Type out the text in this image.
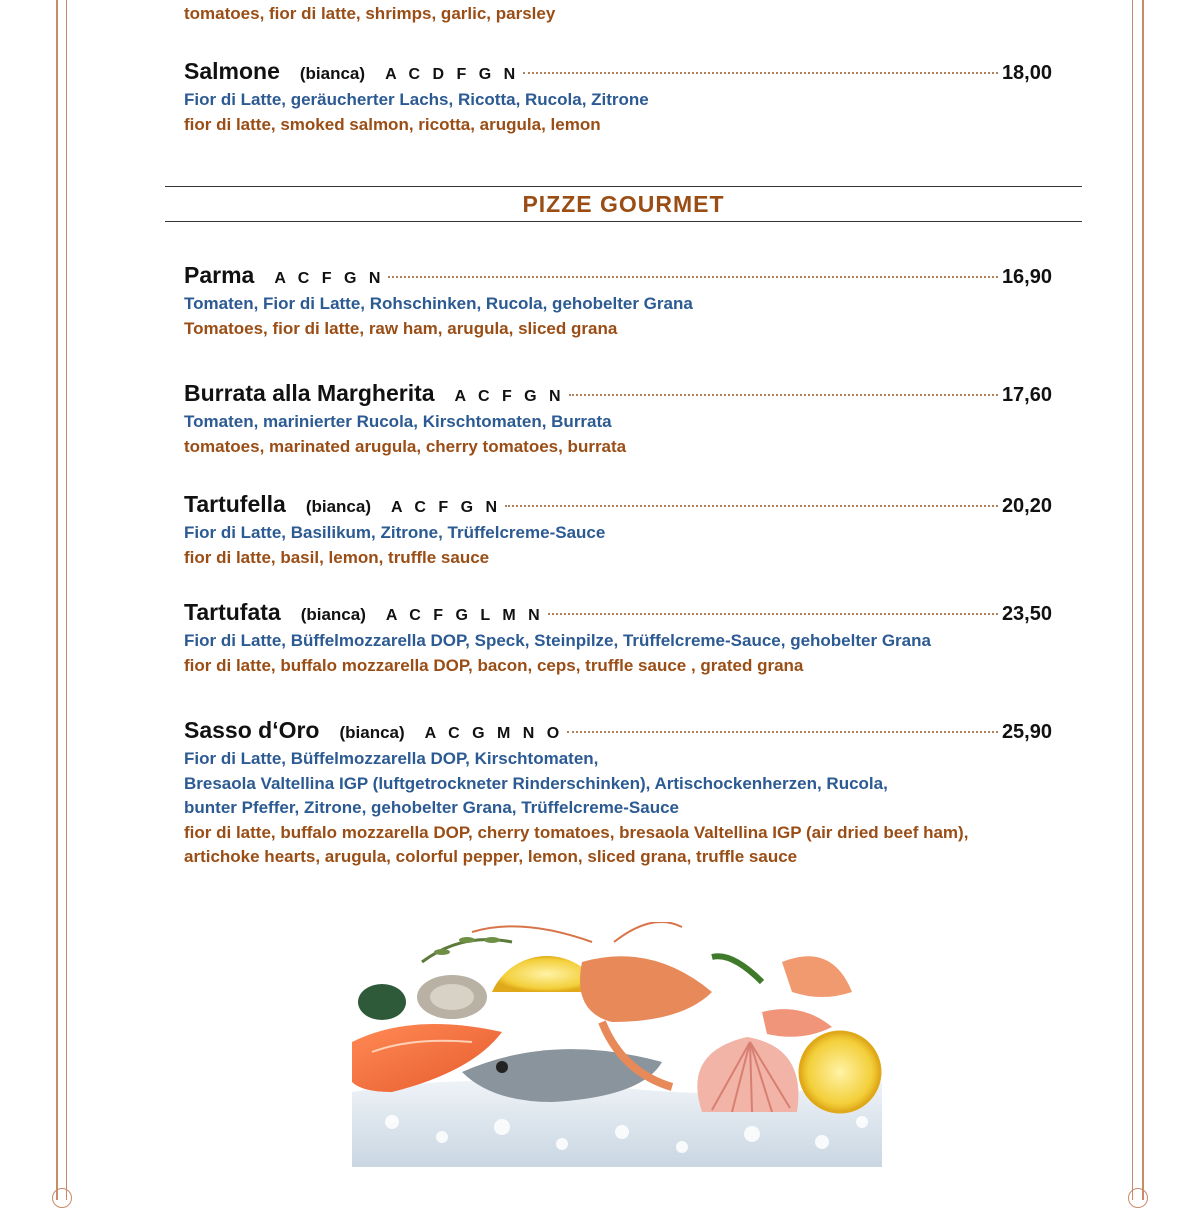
tomatoes, fior di latte, shrimps, garlic, parsley
Salmone (bianca) A C D F G N	18,00
Fior di Latte, geräucherter Lachs, Ricotta, Rucola, Zitrone
fior di latte, smoked salmon, ricotta, arugula, lemon
PIZZE GOURMET
Parma A C F G N	16,90
Tomaten, Fior di Latte, Rohschinken, Rucola, gehobelter Grana
Tomatoes, fior di latte, raw ham, arugula, sliced grana
Burrata alla Margherita A C F G N	17,60
Tomaten, marinierter Rucola, Kirschtomaten, Burrata
tomatoes, marinated arugula, cherry tomatoes, burrata
Tartufella (bianca) A C F G N	20,20
Fior di Latte, Basilikum, Zitrone, Trüffelcreme-Sauce
fior di latte, basil, lemon, truffle sauce
Tartufata (bianca) A C F G L M N	23,50
Fior di Latte, Büffelmozzarella DOP, Speck, Steinpilze, Trüffelcreme-Sauce, gehobelter Grana
fior di latte, buffalo mozzarella DOP, bacon, ceps, truffle sauce , grated grana
Sasso d‘Oro (bianca) A C G M N O	25,90
Fior di Latte, Büffelmozzarella DOP, Kirschtomaten,
Bresaola Valtellina IGP (luftgetrockneter Rinderschinken), Artischockenherzen, Rucola,
bunter Pfeffer, Zitrone, gehobelter Grana, Trüffelcreme-Sauce
fior di latte, buffalo mozzarella DOP, cherry tomatoes, bresaola Valtellina IGP (air dried beef ham),
artichoke hearts, arugula, colorful pepper, lemon, sliced grana, truffle sauce
